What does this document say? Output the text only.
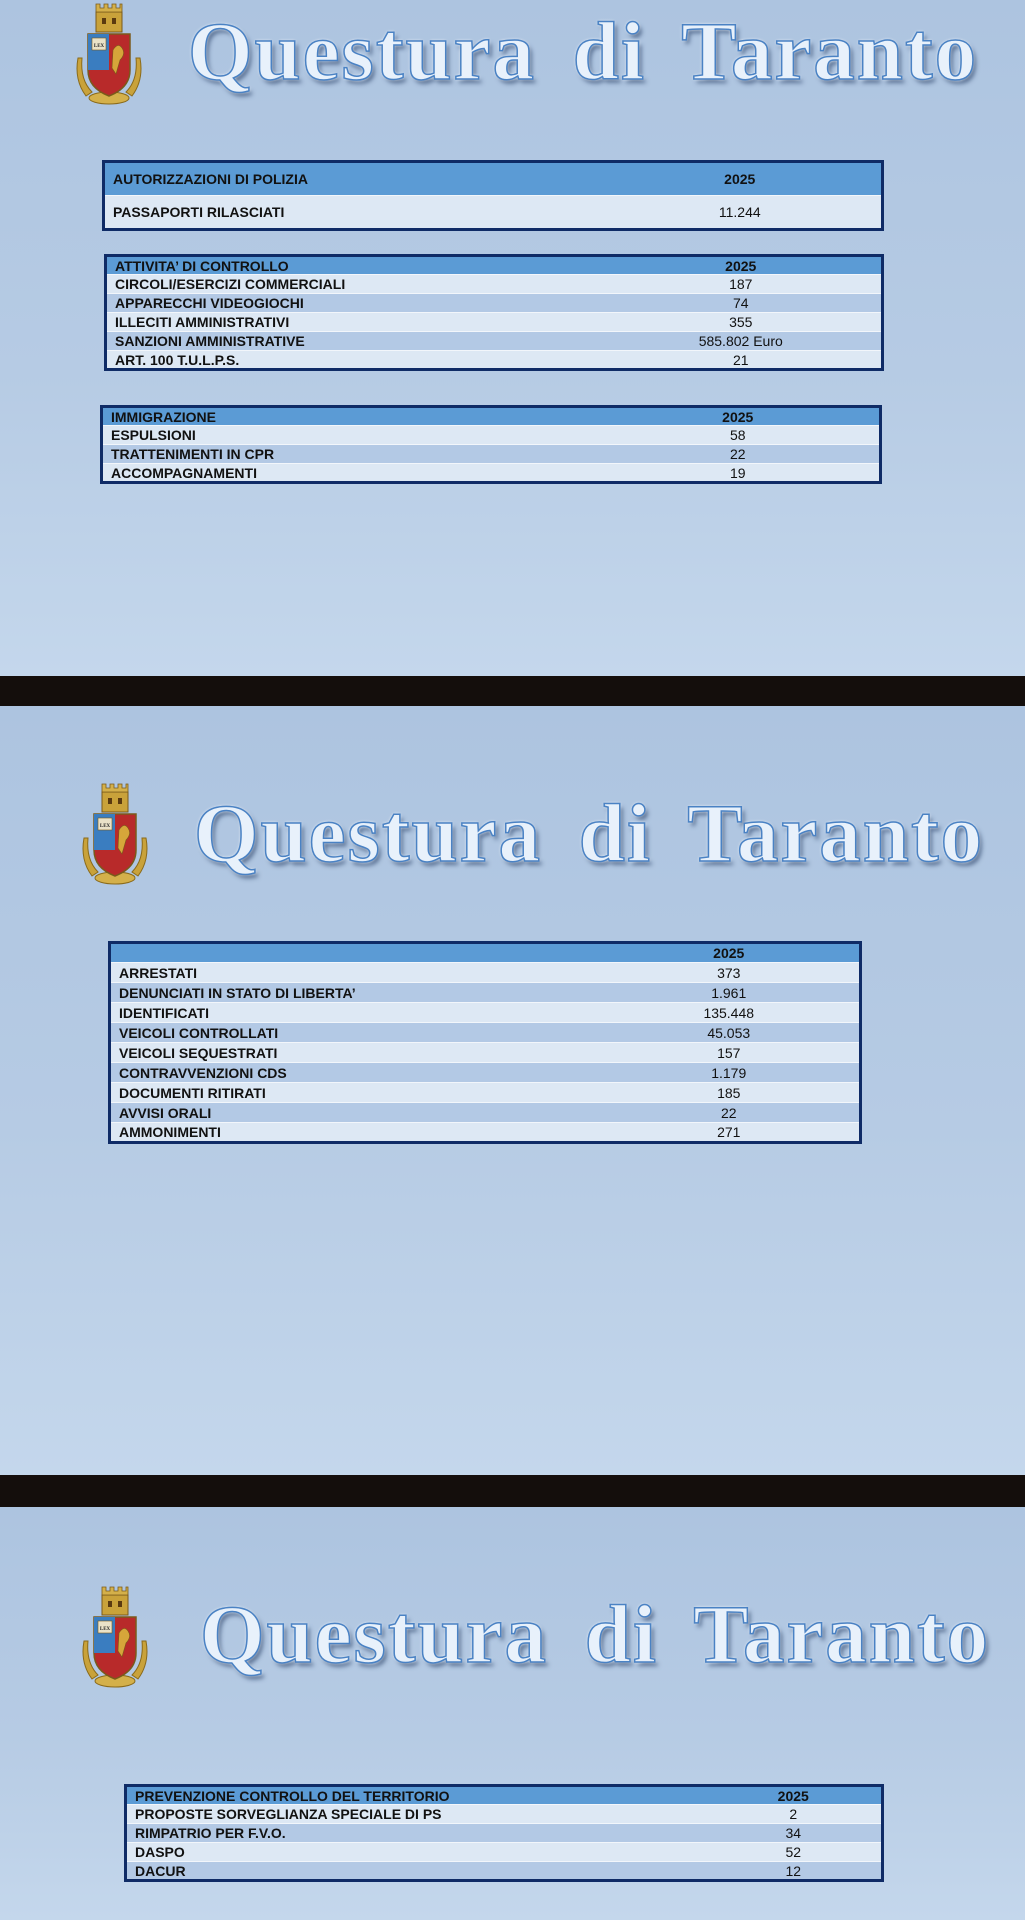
LEX Questura di Taranto
AUTORIZZAZIONI DI POLIZIA	2025
PASSAPORTI RILASCIATI	11.244
ATTIVITA’ DI CONTROLLO	2025
CIRCOLI/ESERCIZI COMMERCIALI	187
APPARECCHI VIDEOGIOCHI	74
ILLECITI AMMINISTRATIVI	355
SANZIONI AMMINISTRATIVE	585.802 Euro
ART. 100 T.U.L.P.S.	21
IMMIGRAZIONE	2025
ESPULSIONI	58
TRATTENIMENTI IN CPR	22
ACCOMPAGNAMENTI	19
LEX Questura di Taranto
	2025
ARRESTATI	373
DENUNCIATI IN STATO DI LIBERTA’	1.961
IDENTIFICATI	135.448
VEICOLI CONTROLLATI	45.053
VEICOLI SEQUESTRATI	157
CONTRAVVENZIONI CDS	1.179
DOCUMENTI RITIRATI	185
AVVISI ORALI	22
AMMONIMENTI	271
LEX Questura di Taranto
PREVENZIONE CONTROLLO DEL TERRITORIO	2025
PROPOSTE SORVEGLIANZA SPECIALE DI PS	2
RIMPATRIO PER F.V.O.	34
DASPO	52
DACUR	12
